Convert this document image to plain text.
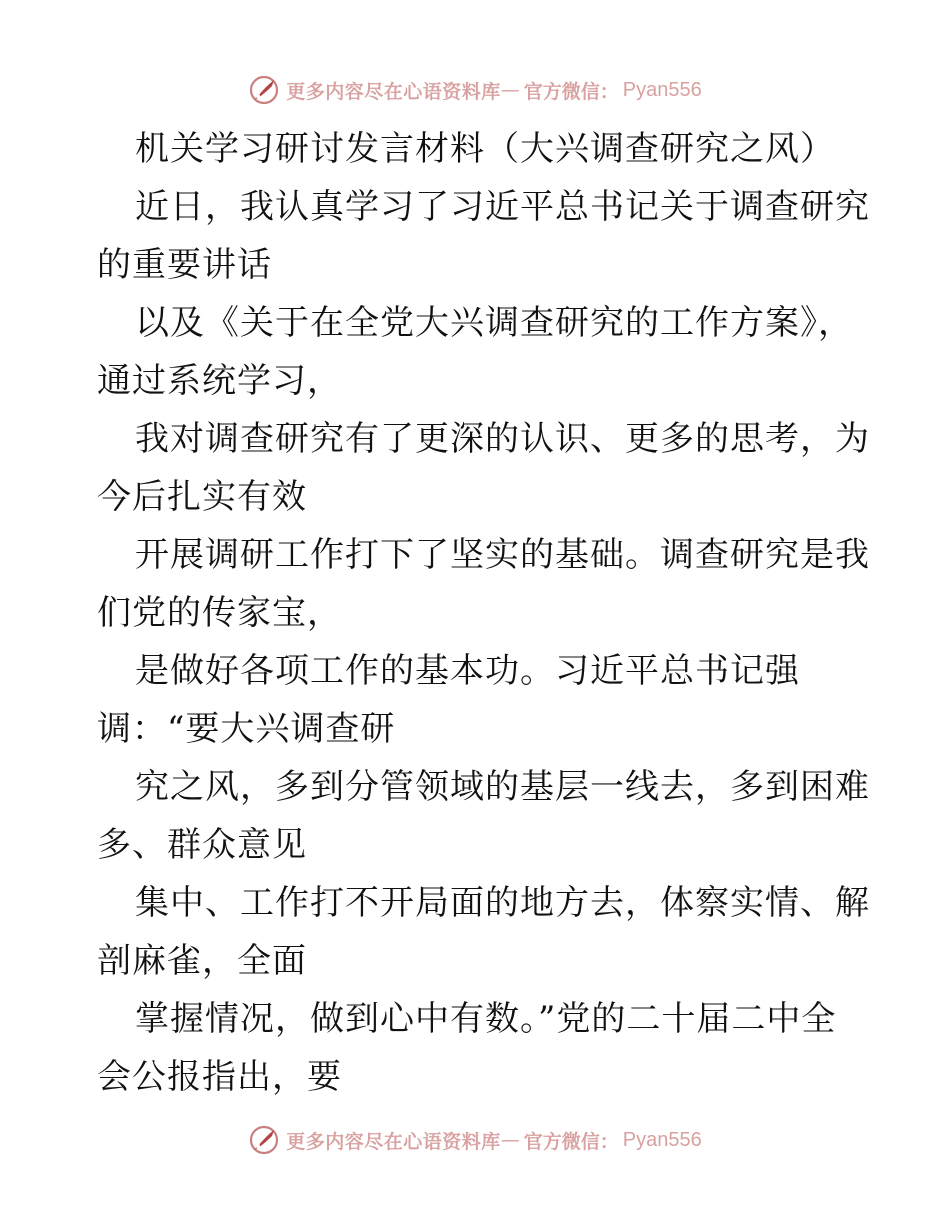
更多内容尽在心语资料库 — 官方微信： Pyan556
机关学习研讨发言材料（大兴调查研究之风）
近日，我认真学习了习近平总书记关于调查研究
的重要讲话
以及《关于在全党大兴调查研究的工作方案》，
通过系统学习，
我对调查研究有了更深的认识、更多的思考，为
今后扎实有效
开展调研工作打下了坚实的基础。调查研究是我
们党的传家宝，
是做好各项工作的基本功。习近平总书记强
调：“要大兴调查研
究之风，多到分管领域的基层一线去，多到困难
多、群众意见
集中、工作打不开局面的地方去，体察实情、解
剖麻雀，全面
掌握情况，做到心中有数。”党的二十届二中全
会公报指出，要
更多内容尽在心语资料库 — 官方微信： Pyan556
